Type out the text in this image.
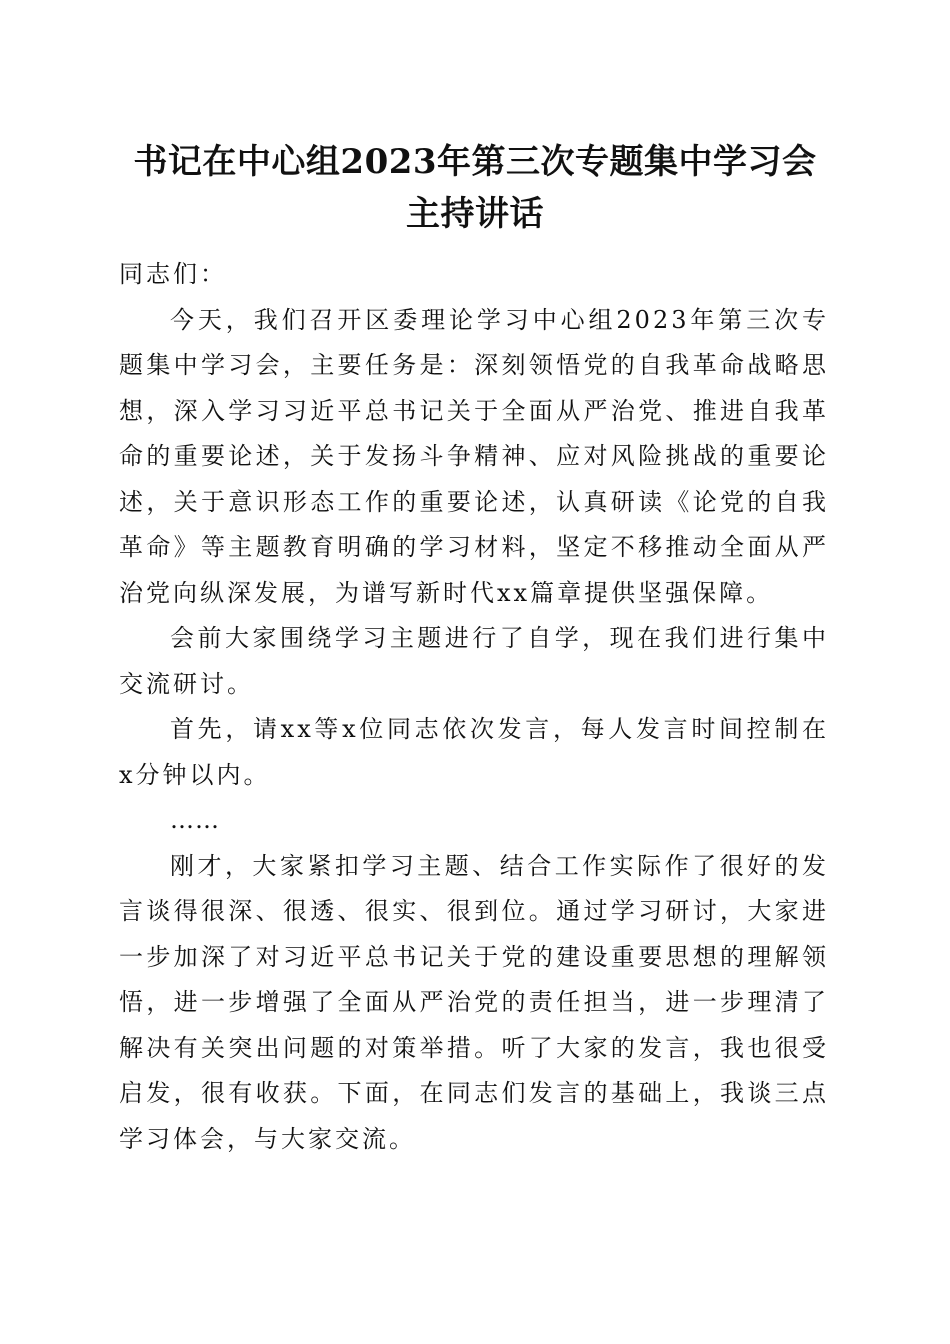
书记在中心组2023年第三次专题集中学习会
主持讲话

同志们：

今天，我们召开区委理论学习中心组2023年第三次专题集中学习会，主要任务是：深刻领悟党的自我革命战略思想，深入学习习近平总书记关于全面从严治党、推进自我革命的重要论述，关于发扬斗争精神、应对风险挑战的重要论述，关于意识形态工作的重要论述，认真研读《论党的自我革命》等主题教育明确的学习材料，坚定不移推动全面从严治党向纵深发展，为谱写新时代xx篇章提供坚强保障。

会前大家围绕学习主题进行了自学，现在我们进行集中交流研讨。

首先，请xx等x位同志依次发言，每人发言时间控制在x分钟以内。

……

刚才，大家紧扣学习主题、结合工作实际作了很好的发言谈得很深、很透、很实、很到位。通过学习研讨，大家进一步加深了对习近平总书记关于党的建设重要思想的理解领悟，进一步增强了全面从严治党的责任担当，进一步理清了解决有关突出问题的对策举措。听了大家的发言，我也很受启发，很有收获。下面，在同志们发言的基础上，我谈三点学习体会，与大家交流。
